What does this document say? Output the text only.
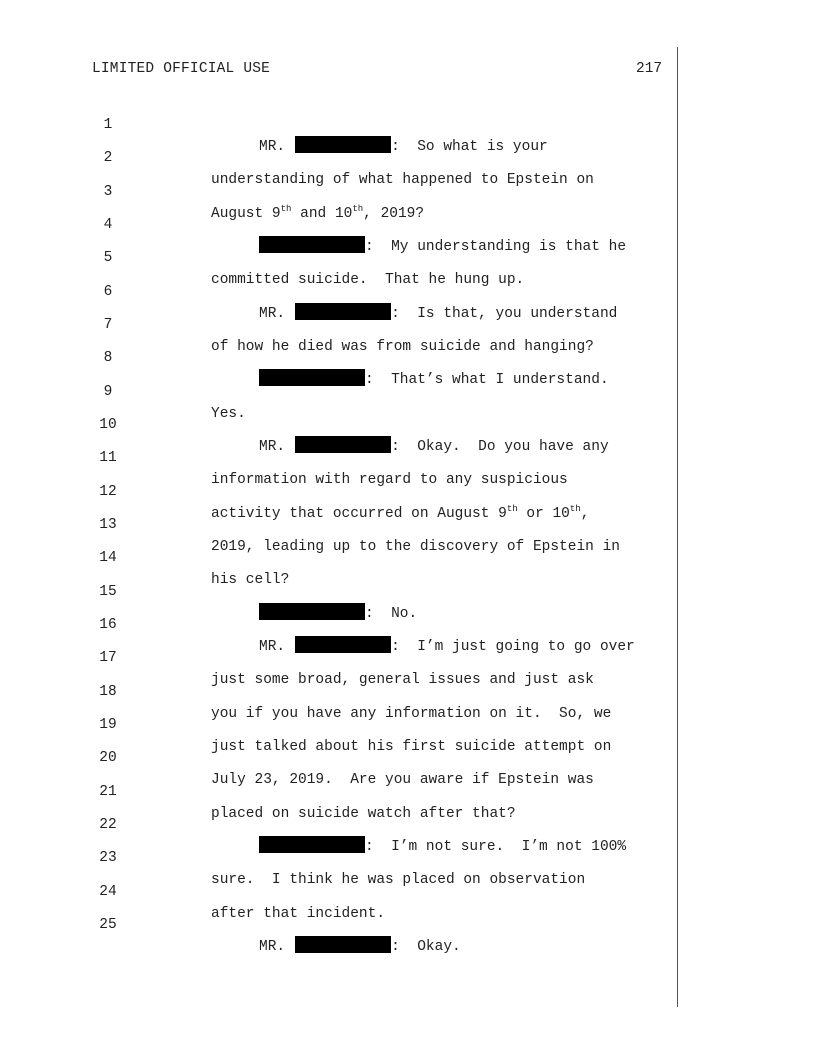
LIMITED OFFICIAL USE	217

1

MR.	:  So what is your

2

understanding of what happened to Epstein on

3

August 9th and 10th, 2019?

4

:  My understanding is that he

5

committed suicide.  That he hung up.

6

MR.	:  Is that, you understand

7

of how he died was from suicide and hanging?

8

:  That’s what I understand.

9

Yes.

10

MR.	:  Okay.  Do you have any

11

information with regard to any suspicious

12

activity that occurred on August 9th or 10th,

13

2019, leading up to the discovery of Epstein in

14

his cell?

15

:  No.

16

MR.	:  I’m just going to go over

17

just some broad, general issues and just ask

18

you if you have any information on it.  So, we

19

just talked about his first suicide attempt on

20

July 23, 2019.  Are you aware if Epstein was

21

placed on suicide watch after that?

22

:  I’m not sure.  I’m not 100%

23

sure.  I think he was placed on observation

24

after that incident.

25

MR.	:  Okay.
